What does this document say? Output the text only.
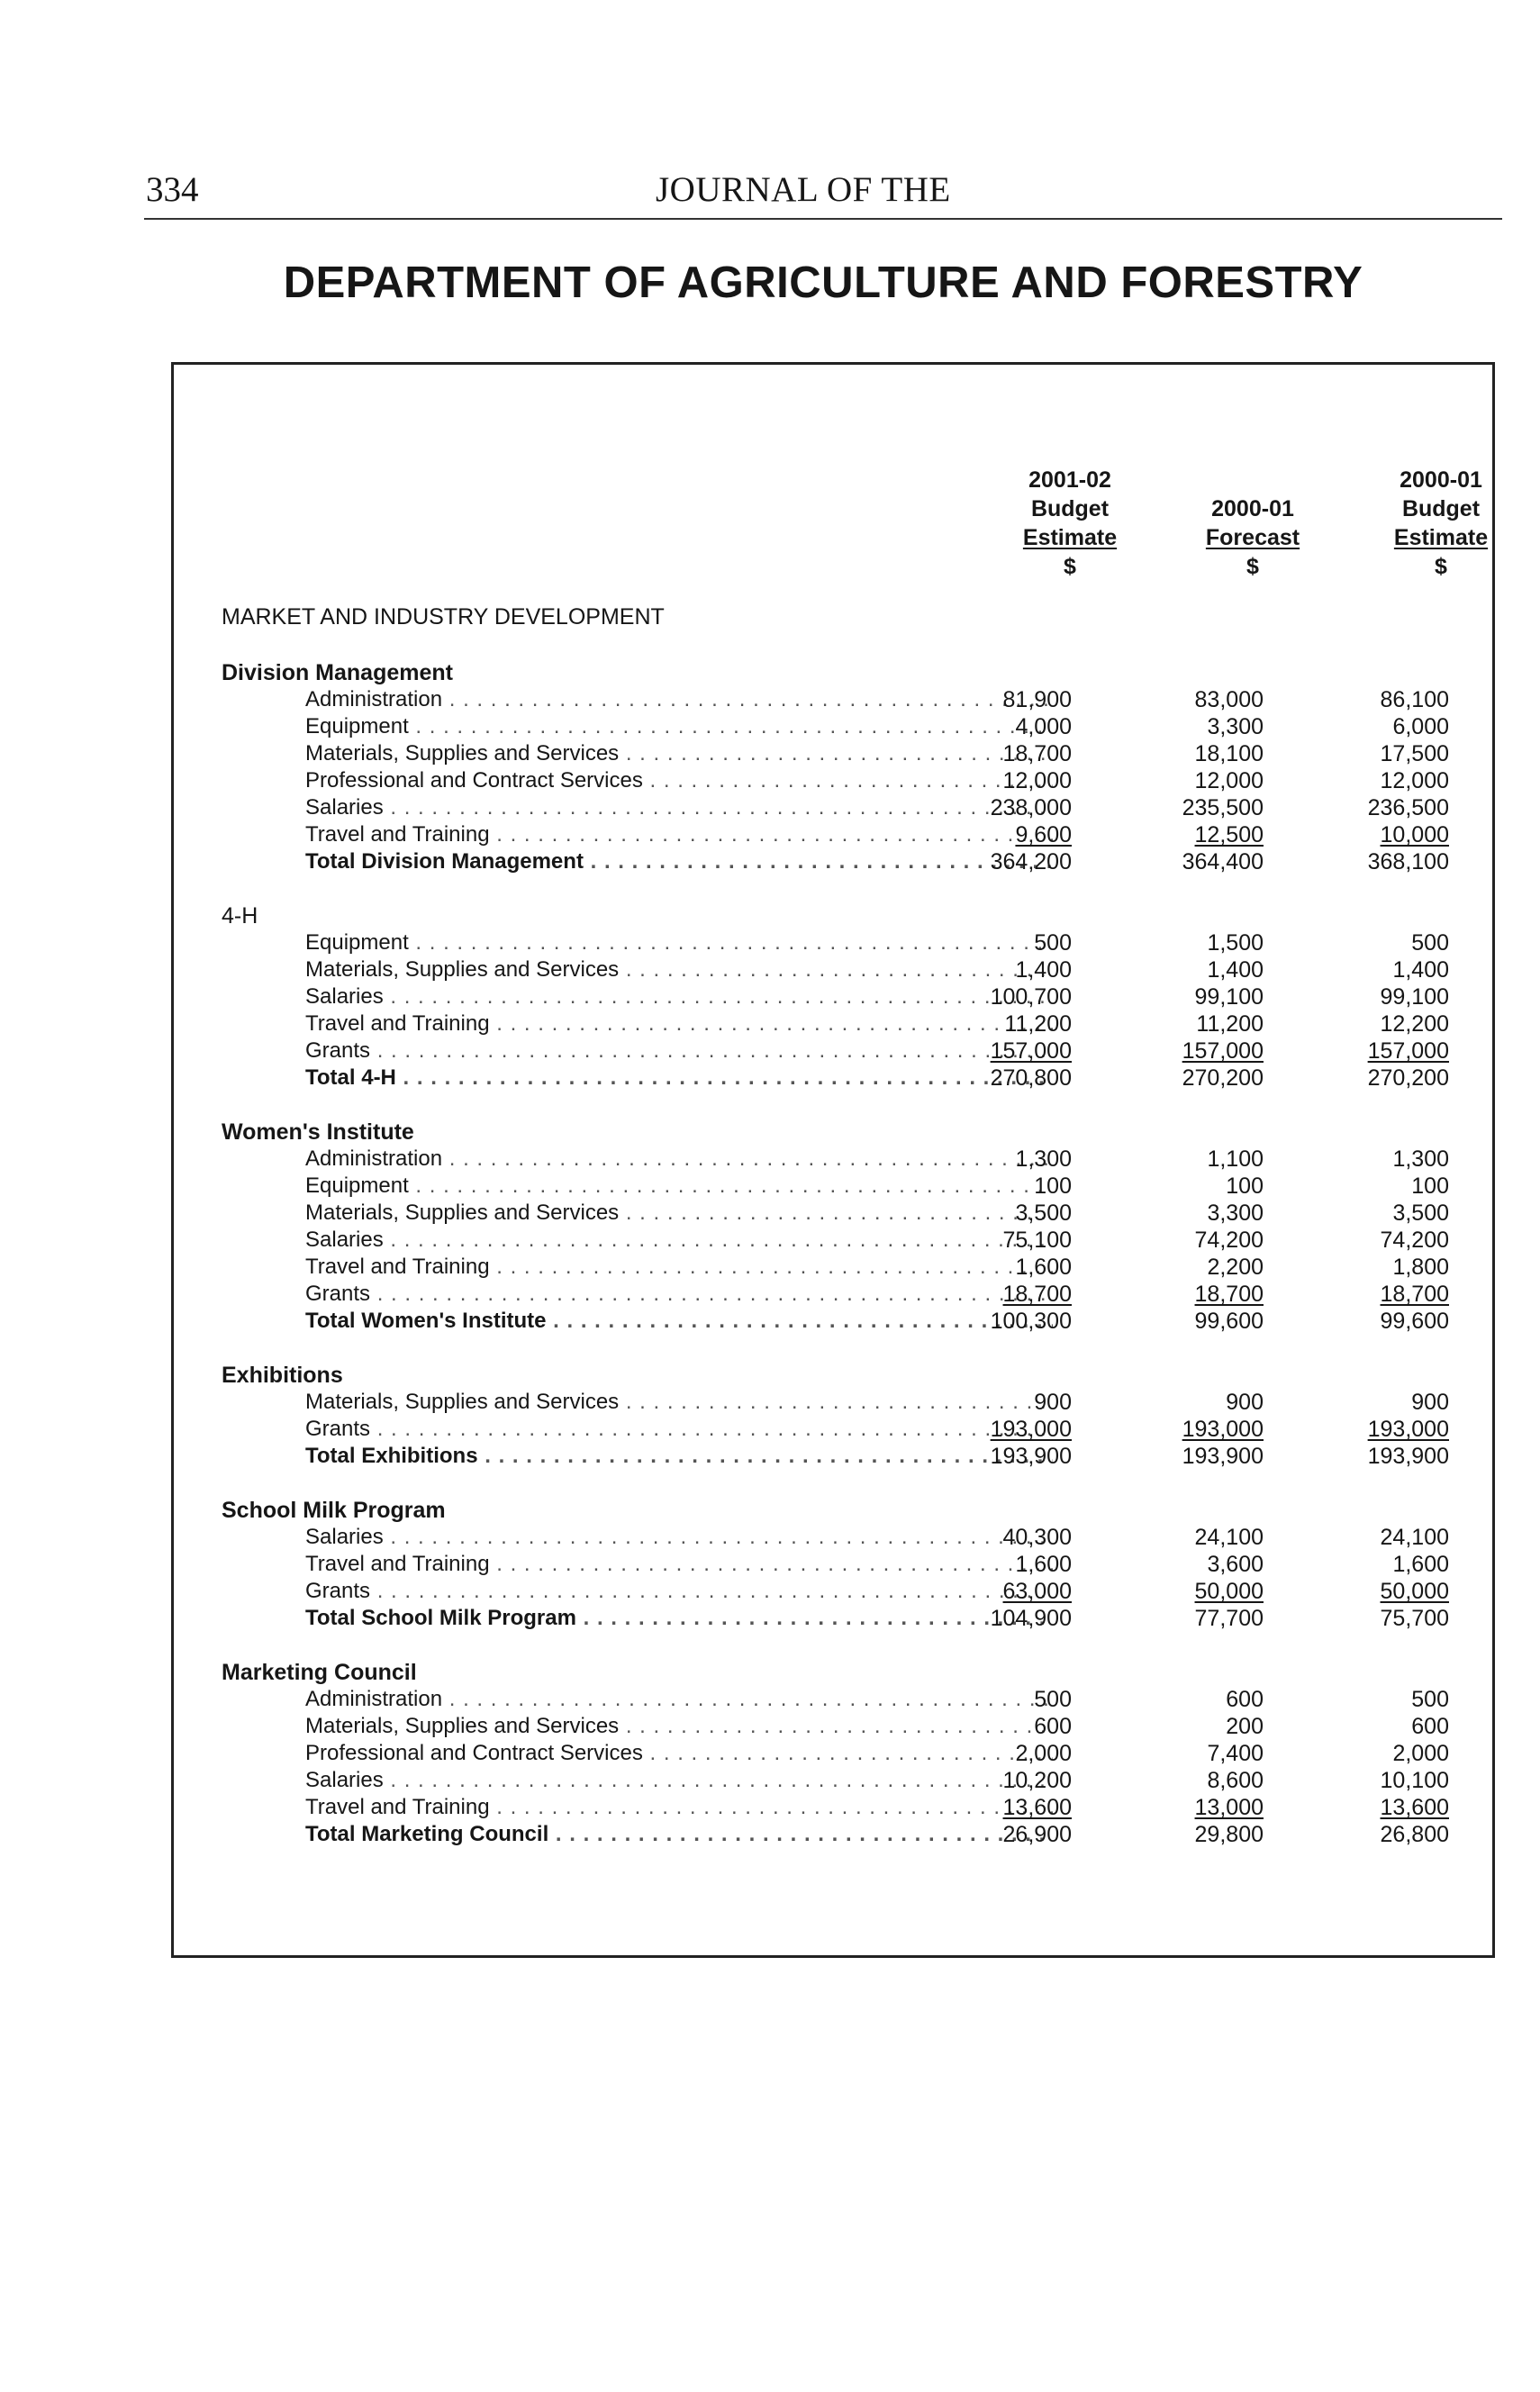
334	JOURNAL OF THE
DEPARTMENT OF AGRICULTURE AND FORESTRY
2001-02
Budget
Estimate
$

2000-01
Forecast
$
2000-01
Budget
Estimate
$
MARKET AND INDUSTRY DEVELOPMENT
Division Management
Administration . . .	81,900	83,000	86,100
Equipment . . .	4,000	3,300	6,000
Materials, Supplies and Services . . .	18,700	18,100	17,500
Professional and Contract Services . . .	12,000	12,000	12,000
Salaries . . .	238,000	235,500	236,500
Travel and Training . . .	9,600	12,500	10,000
Total Division Management . . .	364,200	364,400	368,100
4-H
Equipment . . .	500	1,500	500
Materials, Supplies and Services . . .	1,400	1,400	1,400
Salaries . . .	100,700	99,100	99,100
Travel and Training . . .	11,200	11,200	12,200
Grants . . .	157,000	157,000	157,000
Total 4-H . . .	270,800	270,200	270,200
Women's Institute
Administration . . .	1,300	1,100	1,300
Equipment . . .	100	100	100
Materials, Supplies and Services . . .	3,500	3,300	3,500
Salaries . . .	75,100	74,200	74,200
Travel and Training . . .	1,600	2,200	1,800
Grants . . .	18,700	18,700	18,700
Total Women's Institute . . .	100,300	99,600	99,600
Exhibitions
Materials, Supplies and Services . . .	900	900	900
Grants . . .	193,000	193,000	193,000
Total Exhibitions . . .	193,900	193,900	193,900
School Milk Program
Salaries . . .	40,300	24,100	24,100
Travel and Training . . .	1,600	3,600	1,600
Grants . . .	63,000	50,000	50,000
Total School Milk Program . . .	104,900	77,700	75,700
Marketing Council
Administration . . .	500	600	500
Materials, Supplies and Services . . .	600	200	600
Professional and Contract Services . . .	2,000	7,400	2,000
Salaries . . .	10,200	8,600	10,100
Travel and Training . . .	13,600	13,000	13,600
Total Marketing Council . . .	26,900	29,800	26,800
